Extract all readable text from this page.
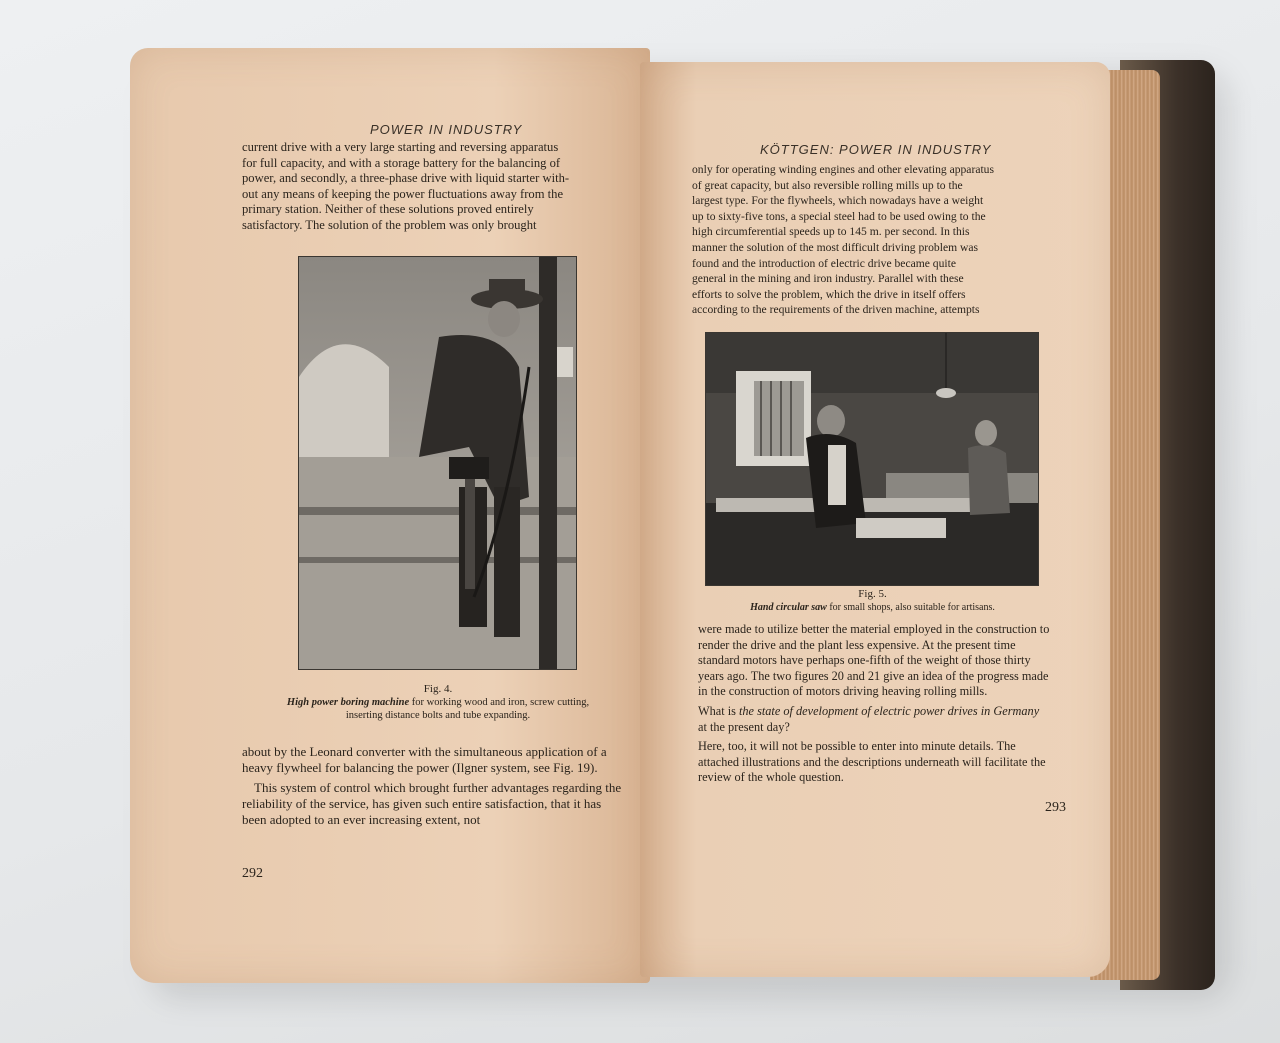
POWER IN INDUSTRY

current drive with a very large starting and reversing apparatus

for full capacity, and with a storage battery for the balancing of

power, and secondly, a three-phase drive with liquid starter with-

out any means of keeping the power fluctuations away from the

primary station. Neither of these solutions proved entirely

satisfactory. The solution of the problem was only brought

Fig. 4.
High power boring machine for working wood and iron, screw cutting,
inserting distance bolts and tube expanding.

about by the Leonard converter with the simultaneous application of a heavy flywheel for balancing the power (Ilgner system, see Fig. 19).

This system of control which brought further advantages regarding the reliability of the service, has given such entire satisfaction, that it has been adopted to an ever increasing extent, not

292
KÖTTGEN: POWER IN INDUSTRY

only for operating winding engines and other elevating apparatus

of great capacity, but also reversible rolling mills up to the

largest type. For the flywheels, which nowadays have a weight

up to sixty-five tons, a special steel had to be used owing to the

high circumferential speeds up to 145 m. per second. In this

manner the solution of the most difficult driving problem was

found and the introduction of electric drive became quite

general in the mining and iron industry. Parallel with these

efforts to solve the problem, which the drive in itself offers

according to the requirements of the driven machine, attempts

Fig. 5.
Hand circular saw for small shops, also suitable for artisans.

were made to utilize better the material employed in the construction to render the drive and the plant less expensive. At the present time standard motors have perhaps one-fifth of the weight of those thirty years ago. The two figures 20 and 21 give an idea of the progress made in the construction of motors driving heaving rolling mills.

What is the state of development of electric power drives in Germany at the present day?

Here, too, it will not be possible to enter into minute details. The attached illustrations and the descriptions underneath will facilitate the review of the whole question.

293
